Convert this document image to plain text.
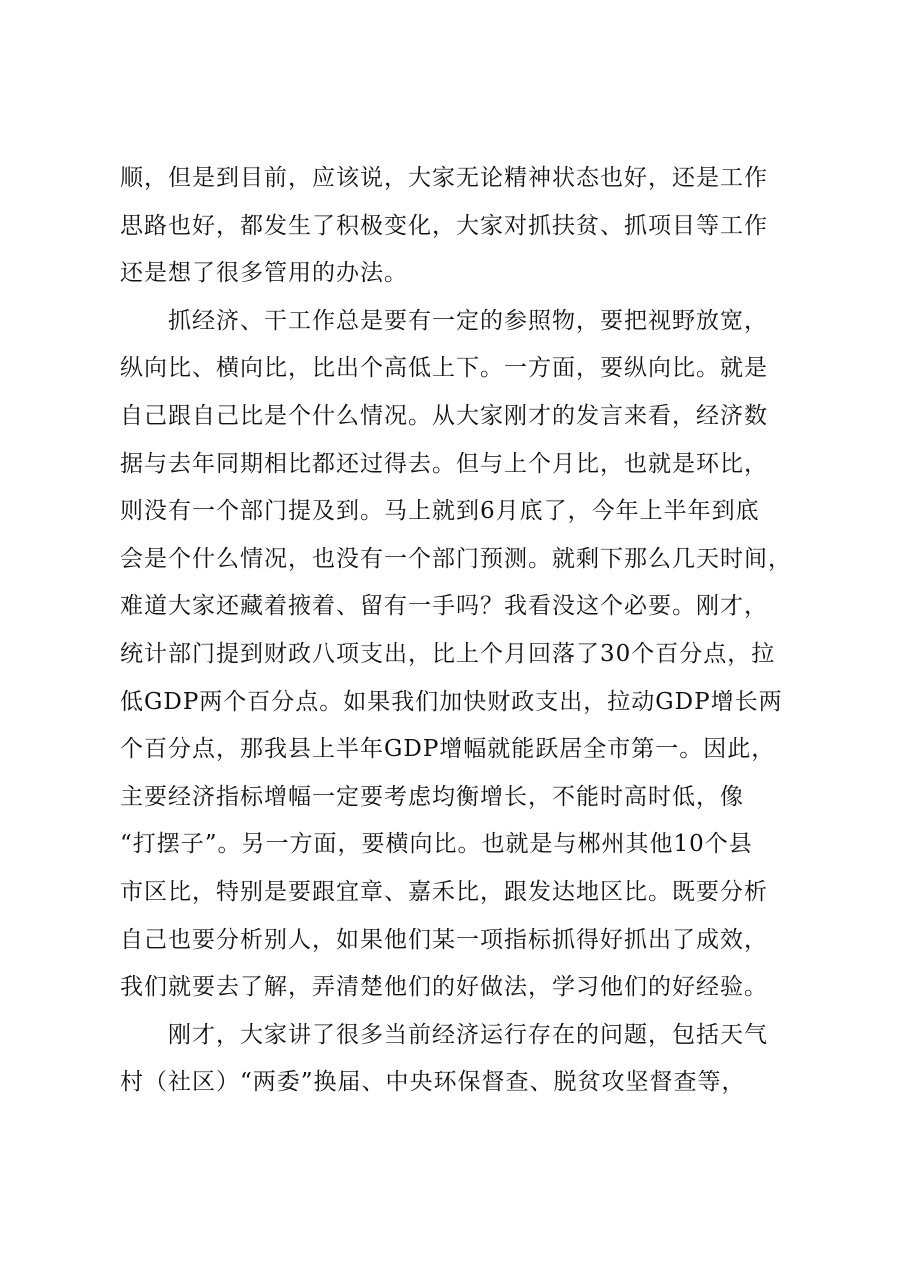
顺，但是到目前，应该说，大家无论精神状态也好，还是工作
思路也好，都发生了积极变化，大家对抓扶贫、抓项目等工作
还是想了很多管用的办法。
抓经济、干工作总是要有一定的参照物，要把视野放宽，
纵向比、横向比，比出个高低上下。一方面，要纵向比。就是
自己跟自己比是个什么情况。从大家刚才的发言来看，经济数
据与去年同期相比都还过得去。但与上个月比，也就是环比，
则没有一个部门提及到。马上就到6月底了，今年上半年到底
会是个什么情况，也没有一个部门预测。就剩下那么几天时间，
难道大家还藏着掖着、留有一手吗？我看没这个必要。刚才，
统计部门提到财政八项支出，比上个月回落了30个百分点，拉
低GDP两个百分点。如果我们加快财政支出，拉动GDP增长两
个百分点，那我县上半年GDP增幅就能跃居全市第一。因此，
主要经济指标增幅一定要考虑均衡增长，不能时高时低，像
“打摆子”。另一方面，要横向比。也就是与郴州其他10个县
市区比，特别是要跟宜章、嘉禾比，跟发达地区比。既要分析
自己也要分析别人，如果他们某一项指标抓得好抓出了成效，
我们就要去了解，弄清楚他们的好做法，学习他们的好经验。
刚才，大家讲了很多当前经济运行存在的问题，包括天气
村（社区）“两委”换届、中央环保督查、脱贫攻坚督查等，
